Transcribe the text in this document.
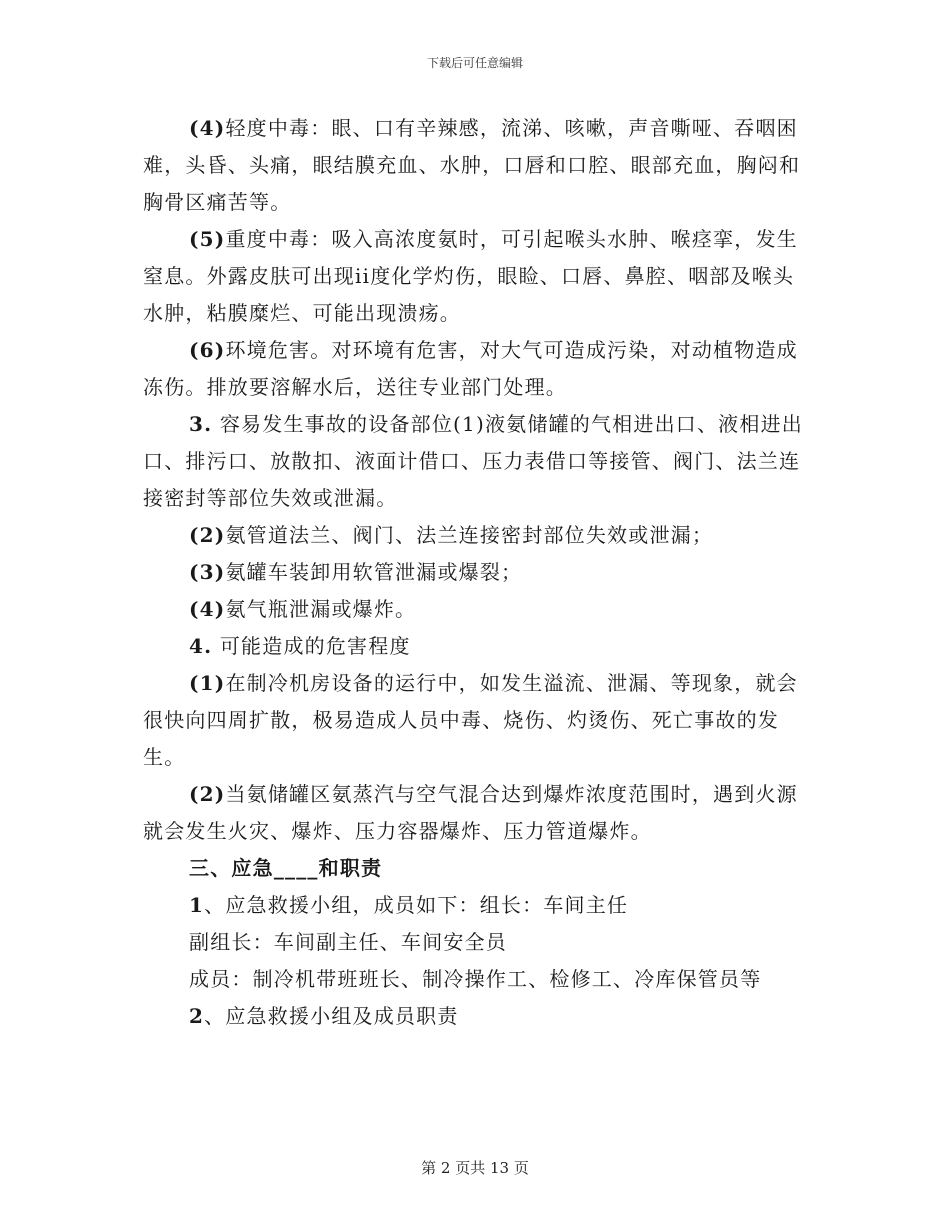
下载后可任意编辑

(4)轻度中毒：眼、口有辛辣感，流涕、咳嗽，声音嘶哑、吞咽困难，头昏、头痛，眼结膜充血、水肿，口唇和口腔、眼部充血，胸闷和胸骨区痛苦等。

(5)重度中毒：吸入高浓度氨时，可引起喉头水肿、喉痉挛，发生窒息。外露皮肤可出现ii度化学灼伤，眼睑、口唇、鼻腔、咽部及喉头水肿，粘膜糜烂、可能出现溃疡。

(6)环境危害。对环境有危害，对大气可造成污染，对动植物造成冻伤。排放要溶解水后，送往专业部门处理。

3. 容易发生事故的设备部位(1)液氨储罐的气相进出口、液相进出口、排污口、放散扣、液面计借口、压力表借口等接管、阀门、法兰连接密封等部位失效或泄漏。

(2)氨管道法兰、阀门、法兰连接密封部位失效或泄漏；

(3)氨罐车装卸用软管泄漏或爆裂；

(4)氨气瓶泄漏或爆炸。

4. 可能造成的危害程度

(1)在制冷机房设备的运行中，如发生溢流、泄漏、等现象，就会很快向四周扩散，极易造成人员中毒、烧伤、灼烫伤、死亡事故的发生。

(2)当氨储罐区氨蒸汽与空气混合达到爆炸浓度范围时，遇到火源就会发生火灾、爆炸、压力容器爆炸、压力管道爆炸。

三、应急____和职责

1、应急救援小组，成员如下：组长：车间主任

副组长：车间副主任、车间安全员

成员：制冷机带班班长、制冷操作工、检修工、冷库保管员等

2、应急救援小组及成员职责

第 2 页共 13 页
